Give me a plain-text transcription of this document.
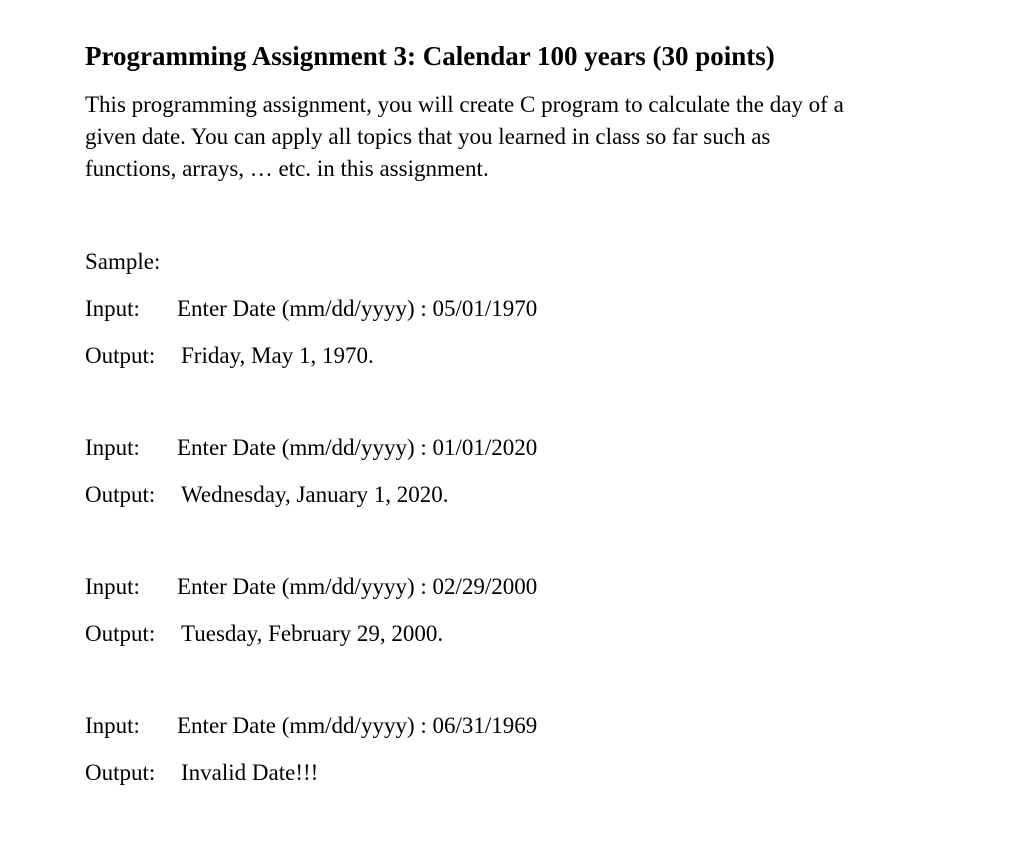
Programming Assignment 3: Calendar 100 years (30 points)

This programming assignment, you will create C program to calculate the day of a
given date. You can apply all topics that you learned in class so far such as
functions, arrays, … etc. in this assignment.

Sample:
Input: Enter Date (mm/dd/yyyy) : 05/01/1970
Output: Friday, May 1, 1970.
Input: Enter Date (mm/dd/yyyy) : 01/01/2020
Output: Wednesday, January 1, 2020.
Input: Enter Date (mm/dd/yyyy) : 02/29/2000
Output: Tuesday, February 29, 2000.
Input: Enter Date (mm/dd/yyyy) : 06/31/1969
Output: Invalid Date!!!
